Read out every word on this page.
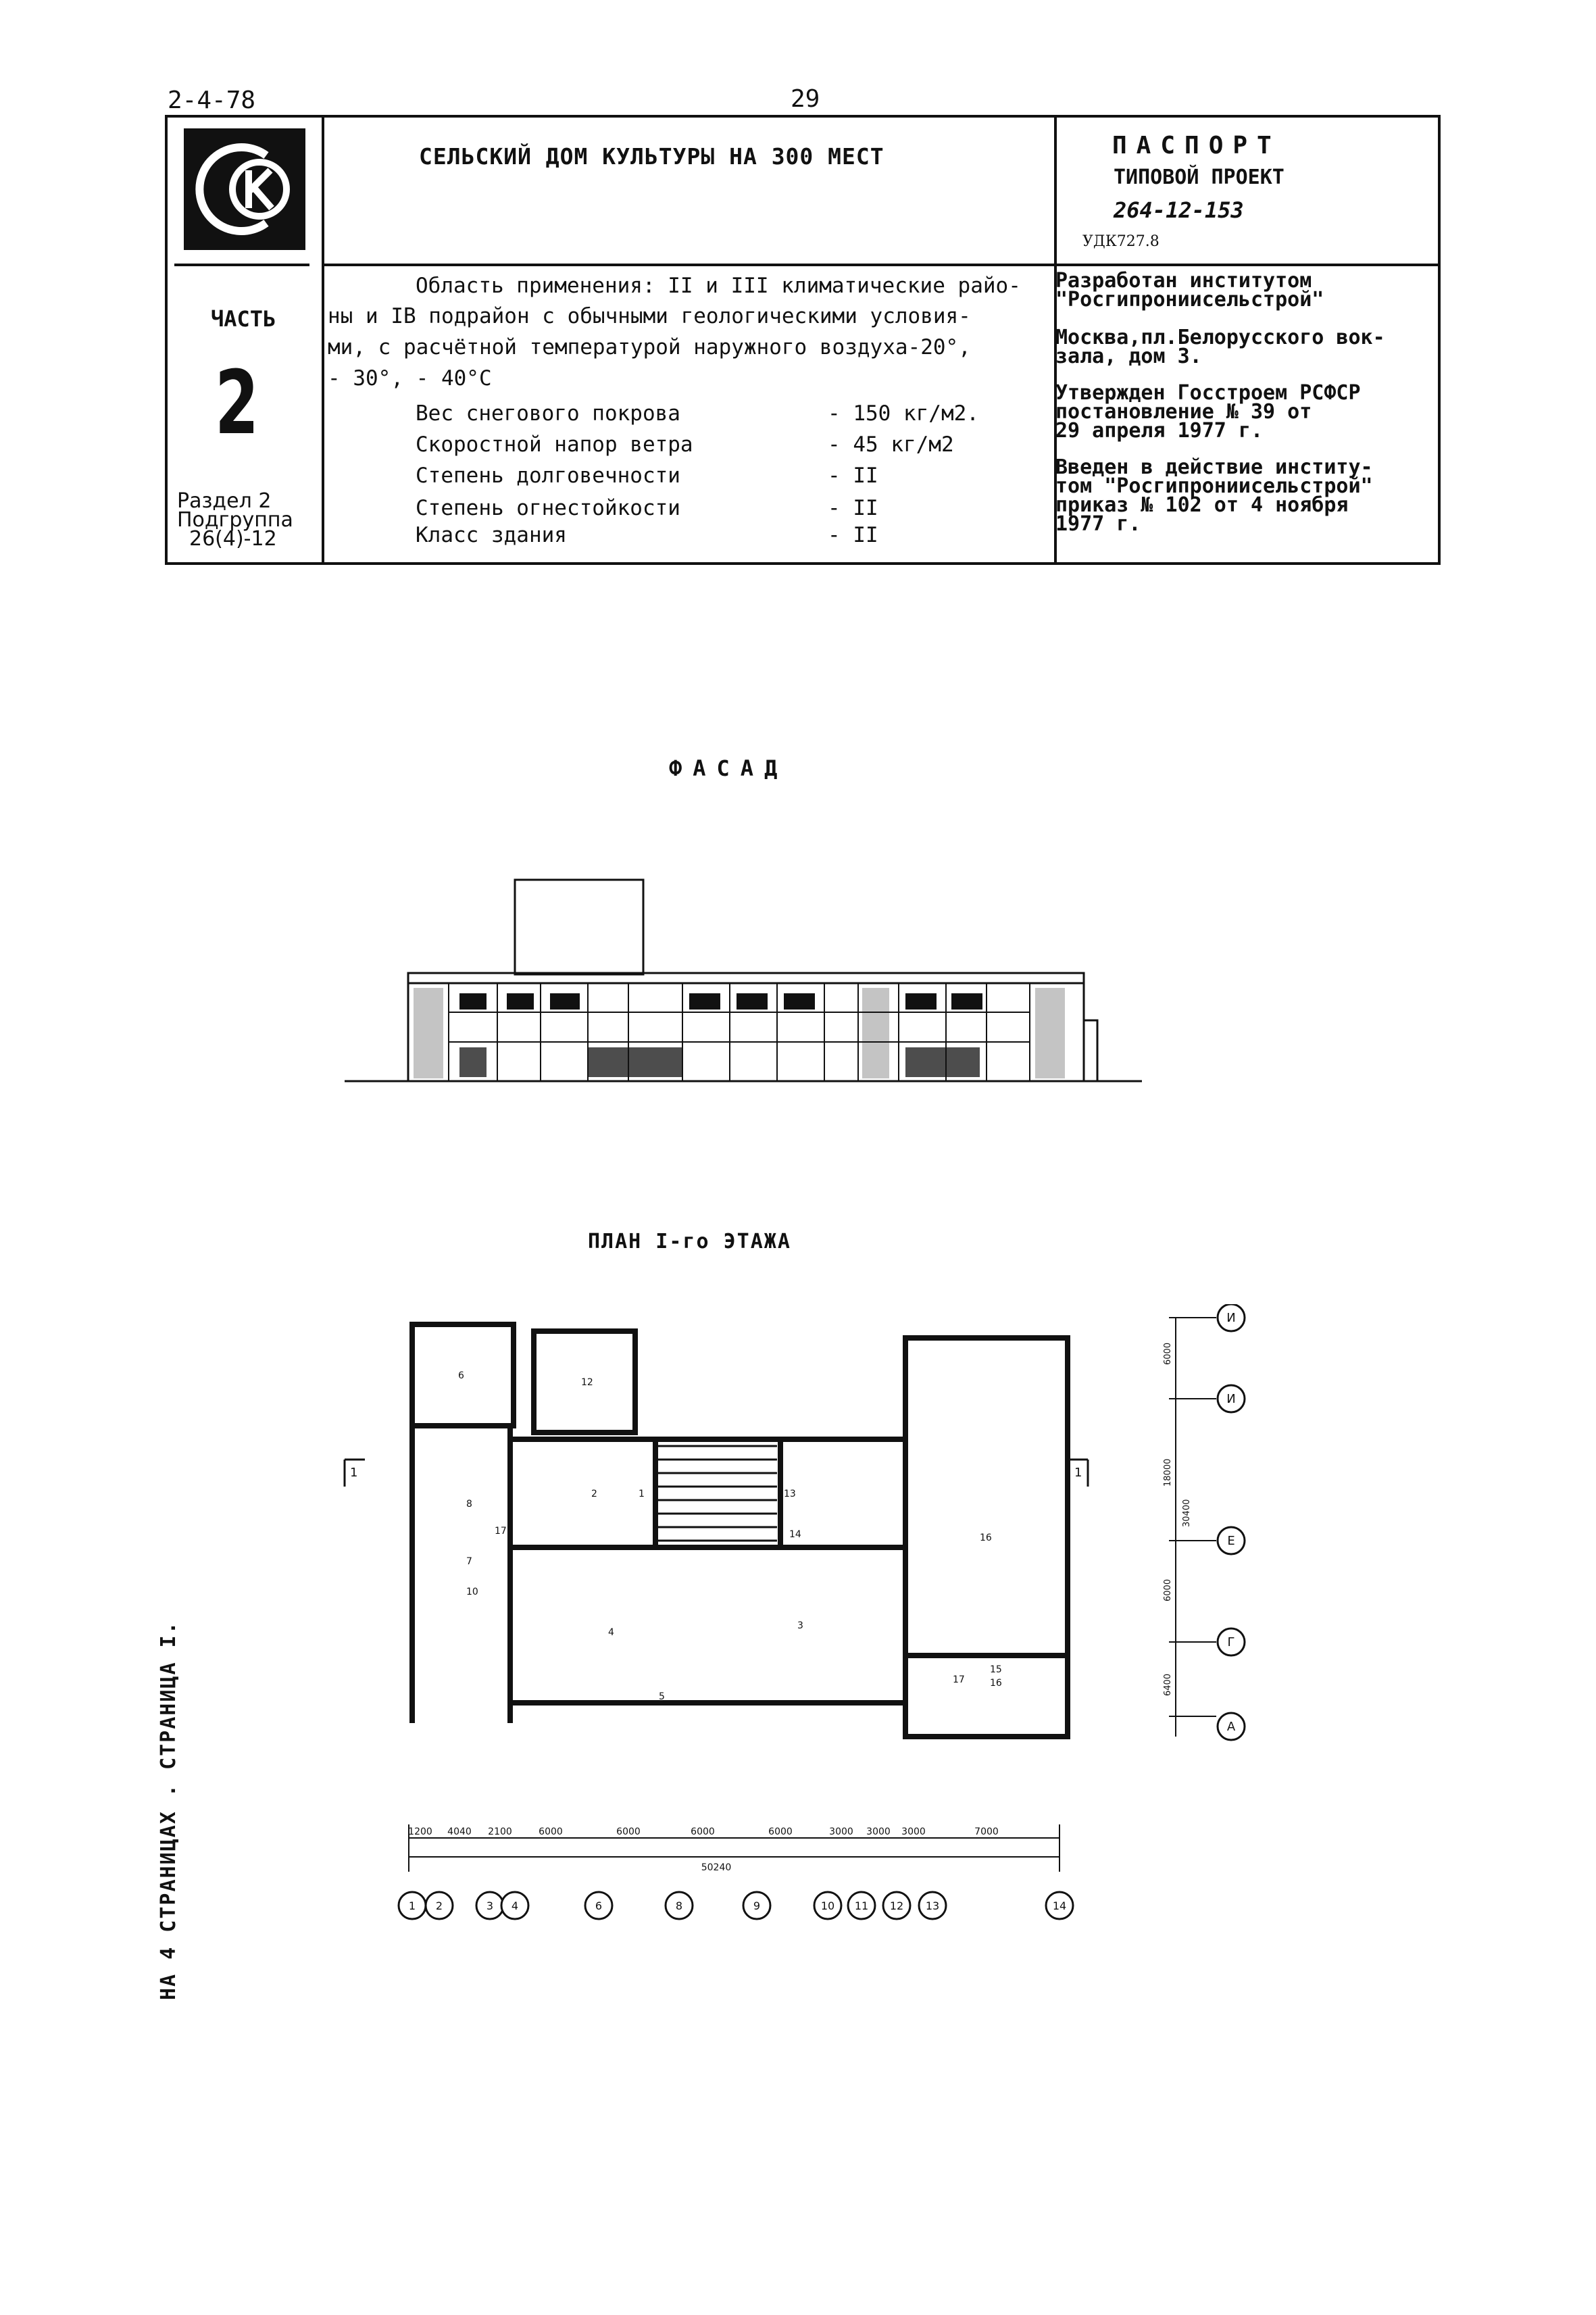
2-4-78	29
СЕЛЬСКИЙ ДОМ КУЛЬТУРЫ НА 300 МЕСТ	ПАСПОРТ
ТИПОВОЙ ПРОЕКТ
264-12-153
УДК727.8
ЧАСТЬ
2
Раздел 2
Подгруппа
26(4)-12
Область применения: II и III климатические райо-
ны и IВ подрайон с обычными геологическими условия-
ми, с расчётной температурой наружного воздуха-20°,
- 30°, - 40°С
Вес снегового покрова	- 150 кг/м2.
Скоростной напор ветра	- 45 кг/м2
Степень долговечности	- II
Степень огнестойкости	- II
Класс здания	- II
Разработан институтом
"Росгипрониисельстрой"
Москва,пл.Белорусского вок-
зала, дом 3.
Утвержден Госстроем РСФСР
постановление № 39 от
29 апреля 1977 г.
Введен в действие институ-
том "Росгипрониисельстрой"
приказ № 102 от 4 ноября
1977 г.
ФАСАД
ПЛАН I-го ЭТАЖА
6
12
2	1	13
14	16
8
17
7
10
4
3
5
17
15
16
1	1
6000
18000
30400
6000
6400
И
И
Е
Г
А
1200 4040 2100	6000	6000	6000	6000	3000 3000 3000	7000
50240
1 2	3 4	6	8	9	10 11 12 13	14
НА 4 СТРАНИЦАХ . СТРАНИЦА I.
